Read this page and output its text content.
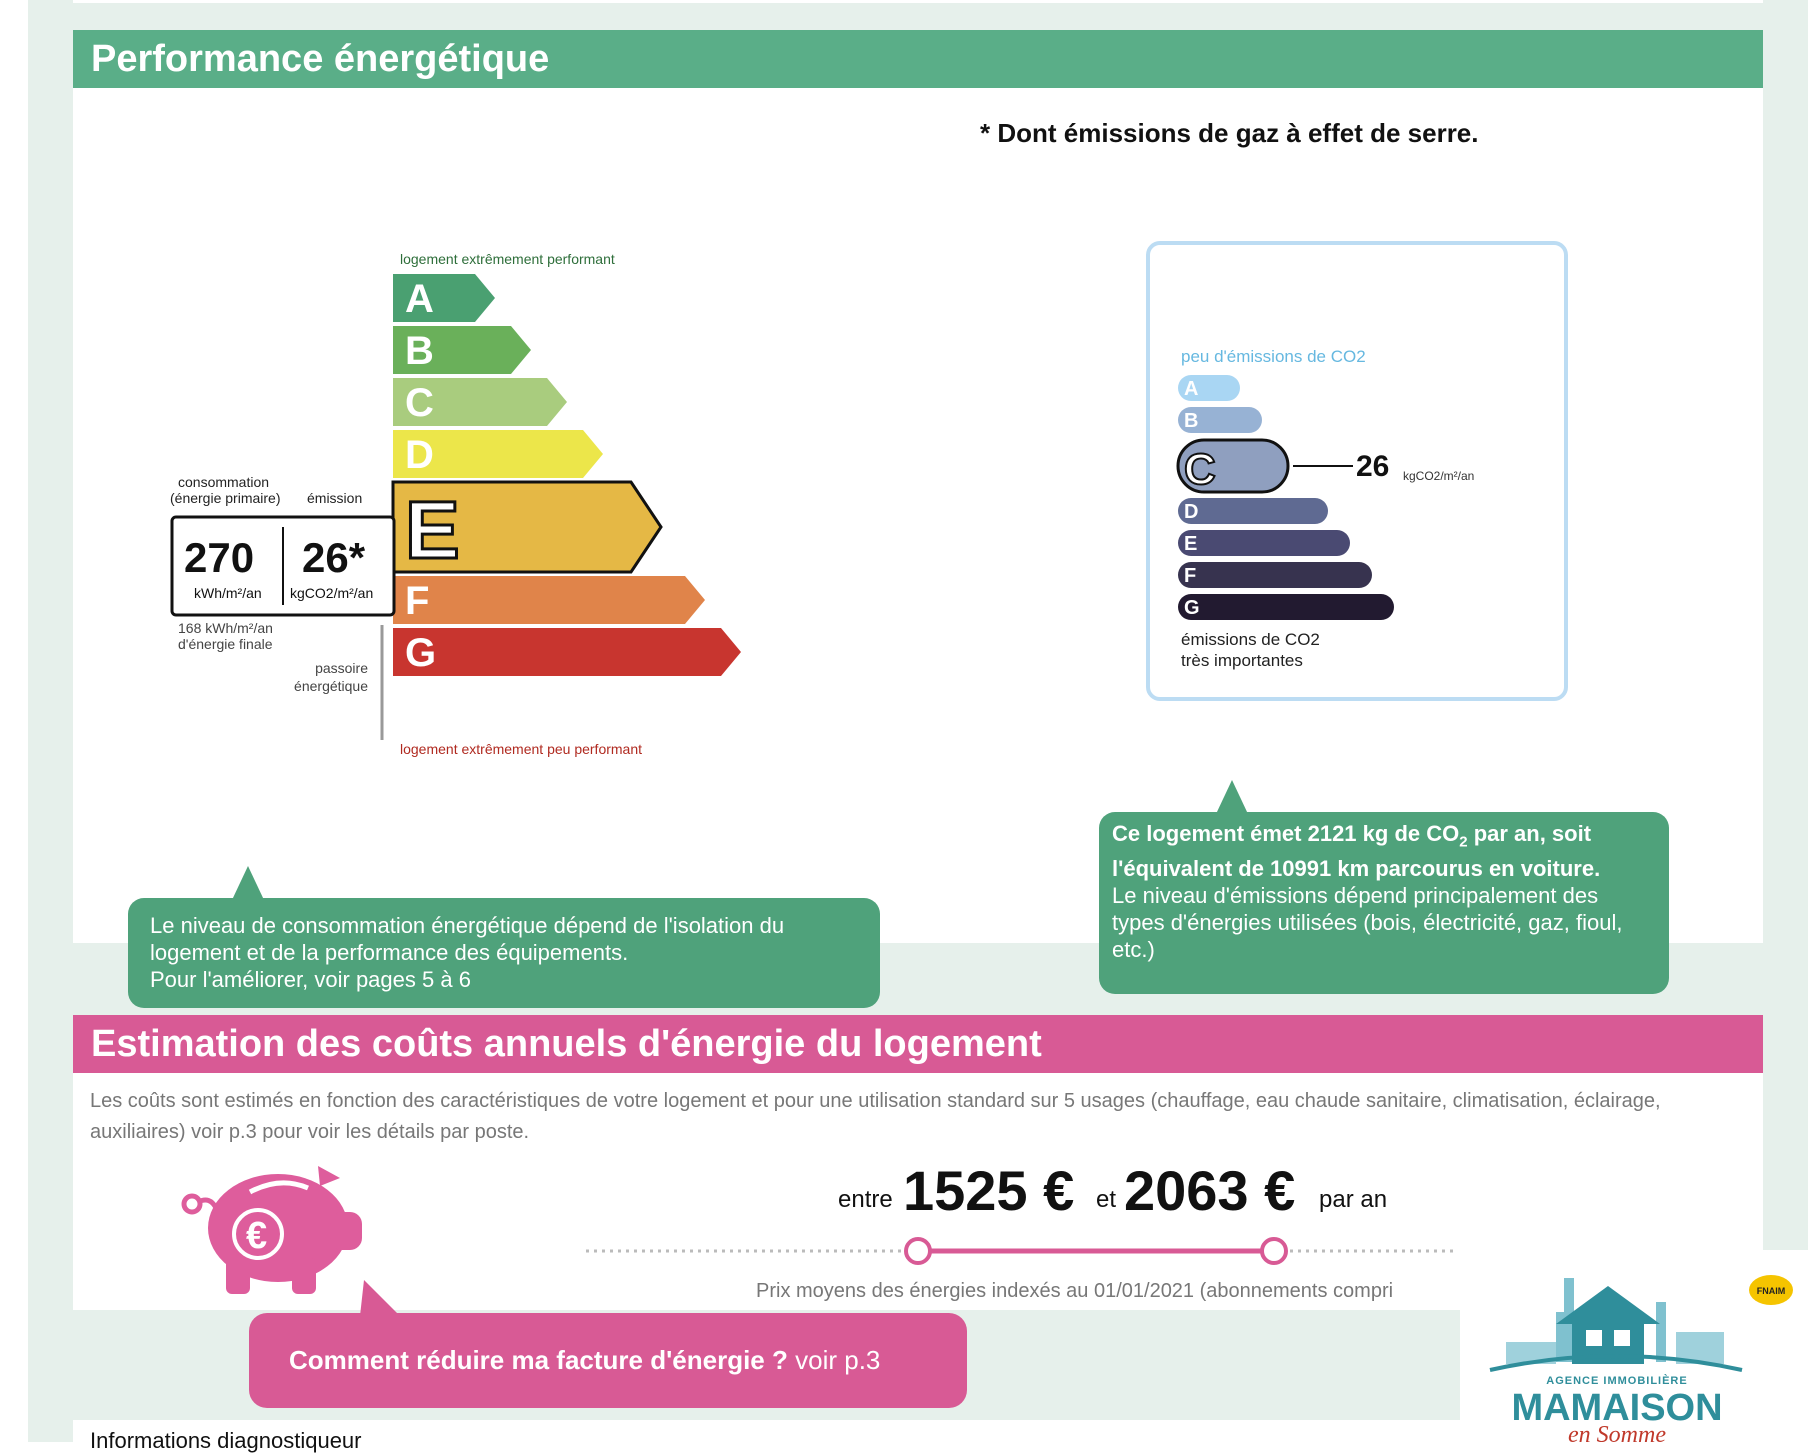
Performance énergétique
* Dont émissions de gaz à effet de serre.
logement extrêmement performant
A
B
C
D
E
F
G
logement extrêmement peu performant
consommation
(énergie primaire) émission
270
kWh/m²/an
26*
kgCO2/m²/an
168 kWh/m²/an
d'énergie finale
passoire
énergétique
peu d'émissions de CO2
A
B
C
D
E
F
G
26 kgCO2/m²/an
émissions de CO2
très importantes
Le niveau de consommation énergétique dépend de l'isolation du logement et de la performance des équipements.
Pour l'améliorer, voir pages 5 à 6
Ce logement émet 2121 kg de $CO_2$ par an, soit l'équivalent de 10991 km parcourus en voiture.
Le niveau d'émissions dépend principalement des types d'énergies utilisées (bois, électricité, gaz, fioul, etc.)
Estimation des coûts annuels d'énergie du logement
Les coûts sont estimés en fonction des caractéristiques de votre logement et pour une utilisation standard sur 5 usages (chauffage, eau chaude sanitaire, climatisation, éclairage, auxiliaires) voir p.3 pour voir les détails par poste.
€
entre 1525 € et 2063 € par an
Prix moyens des énergies indexés au 01/01/2021 (abonnements compri
Comment réduire ma facture d'énergie ? voir p.3
Informations diagnostiqueur
AGENCE IMMOBILIÈRE
MAMAISON
en Somme
FNAIM
